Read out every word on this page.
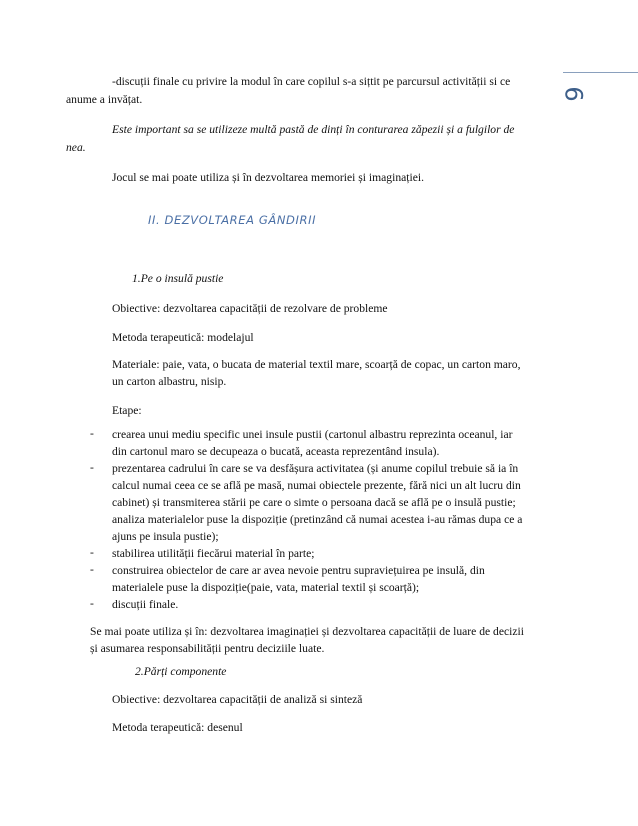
6

-discuții finale cu privire la modul în care copilul s-a sițtit pe parcursul activității si ce

anume a invățat.

Este important sa se utilizeze multă pastă de dinți în conturarea zăpezii și a fulgilor de

nea.

Jocul se mai poate utiliza și în dezvoltarea memoriei și imaginației.

II. DEZVOLTAREA GÂNDIRII

1.Pe o insulă pustie

Obiective: dezvoltarea capacității de rezolvare de probleme

Metoda terapeutică: modelajul

Materiale: paie, vata, o bucata de material textil mare, scoarță de copac, un carton maro,

un carton albastru, nisip.

Etape:

- crearea unui mediu specific unei insule pustii (cartonul albastru reprezinta oceanul, iar

din cartonul maro se decupeaza o bucată, aceasta reprezentând insula).

- prezentarea cadrului în care se va desfășura activitatea (și anume copilul trebuie să ia în

calcul numai ceea ce se află pe masă, numai obiectele prezente, fără nici un alt lucru din

cabinet) și transmiterea stării pe care o simte o persoana dacă se află pe o insulă pustie;

analiza materialelor puse la dispoziție (pretinzând că numai acestea i-au rămas dupa ce a

ajuns pe insula pustie);

- stabilirea utilității fiecărui material în parte;

- construirea obiectelor de care ar avea nevoie pentru supraviețuirea pe insulă, din

materialele puse la dispoziție(paie, vata, material textil și scoarță);

- discuții finale.

Se mai poate utiliza și în: dezvoltarea imaginației și dezvoltarea capacității de luare de decizii

și asumarea responsabilității pentru deciziile luate.

2.Părți componente

Obiective: dezvoltarea capacității de analiză si sinteză

Metoda terapeutică: desenul
